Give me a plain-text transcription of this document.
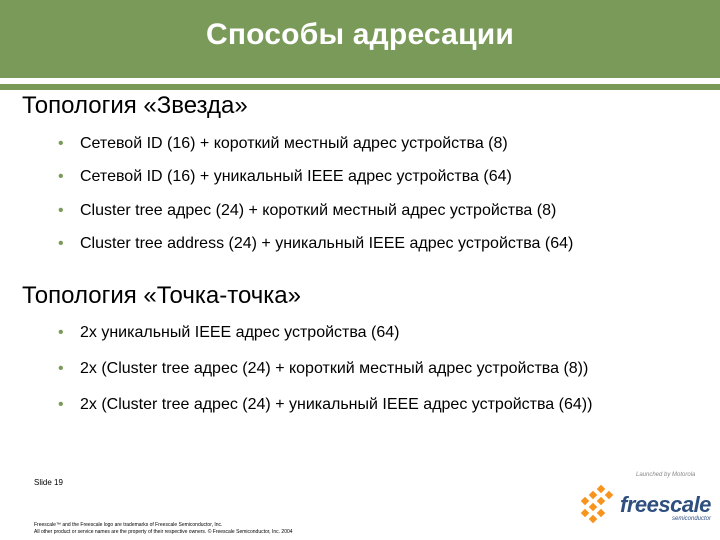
Способы адресации
Топология «Звезда»
• Сетевой ID (16) + короткий местный адрес устройства (8)
• Сетевой ID (16) + уникальный IEEE адрес устройства (64)
• Cluster tree адрес (24) + короткий местный адрес устройства (8)
• Cluster tree address (24) + уникальный IEEE адрес устройства (64)
Топология «Точка-точка»
• 2x уникальный IEEE адрес устройства (64)
• 2x (Cluster tree адрес (24) + короткий местный адрес устройства (8))
• 2x (Cluster tree адрес (24) + уникальный IEEE адрес устройства (64))
Slide 19
Freescale™ and the Freescale logo are trademarks of Freescale Semiconductor, Inc.
All other product or service names are the property of their respective owners. © Freescale Semiconductor, Inc. 2004
Launched by Motorola
freescale
semiconductor
